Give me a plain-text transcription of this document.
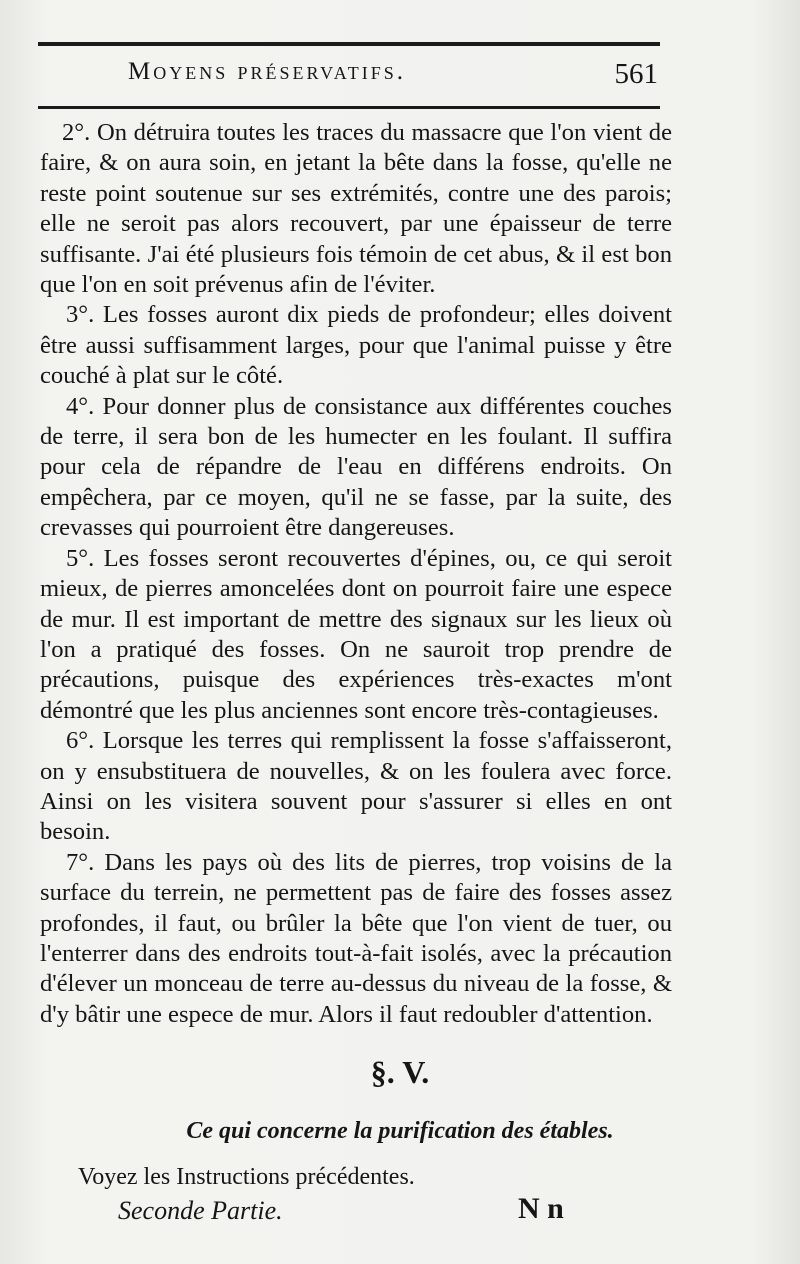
Moyens préservatifs.	561

2°. On détruira toutes les traces du massacre que l'on vient de faire, & on aura soin, en jetant la bête dans la fosse, qu'elle ne reste point soutenue sur ses extrémités, contre une des parois; elle ne seroit pas alors recouvert, par une épaisseur de terre suffisante. J'ai été plusieurs fois témoin de cet abus, & il est bon que l'on en soit prévenus afin de l'éviter.

3°. Les fosses auront dix pieds de profondeur; elles doivent être aussi suffisamment larges, pour que l'animal puisse y être couché à plat sur le côté.

4°. Pour donner plus de consistance aux différentes couches de terre, il sera bon de les humecter en les foulant. Il suffira pour cela de répandre de l'eau en différens endroits. On empêchera, par ce moyen, qu'il ne se fasse, par la suite, des crevasses qui pourroient être dangereuses.

5°. Les fosses seront recouvertes d'épines, ou, ce qui seroit mieux, de pierres amoncelées dont on pourroit faire une espece de mur. Il est important de mettre des signaux sur les lieux où l'on a pratiqué des fosses. On ne sauroit trop prendre de précautions, puisque des expériences très-exactes m'ont démontré que les plus anciennes sont encore très-contagieuses.

6°. Lorsque les terres qui remplissent la fosse s'affaisseront, on y ensubstituera de nouvelles, & on les foulera avec force. Ainsi on les visitera souvent pour s'assurer si elles en ont besoin.

7°. Dans les pays où des lits de pierres, trop voisins de la surface du terrein, ne permettent pas de faire des fosses assez profondes, il faut, ou brûler la bête que l'on vient de tuer, ou l'enterrer dans des endroits tout-à-fait isolés, avec la précaution d'élever un monceau de terre au-dessus du niveau de la fosse, & d'y bâtir une espece de mur. Alors il faut redoubler d'attention.

§. V.
Ce qui concerne la purification des étables.
Voyez les Instructions précédentes.
Seconde Partie.	N n
